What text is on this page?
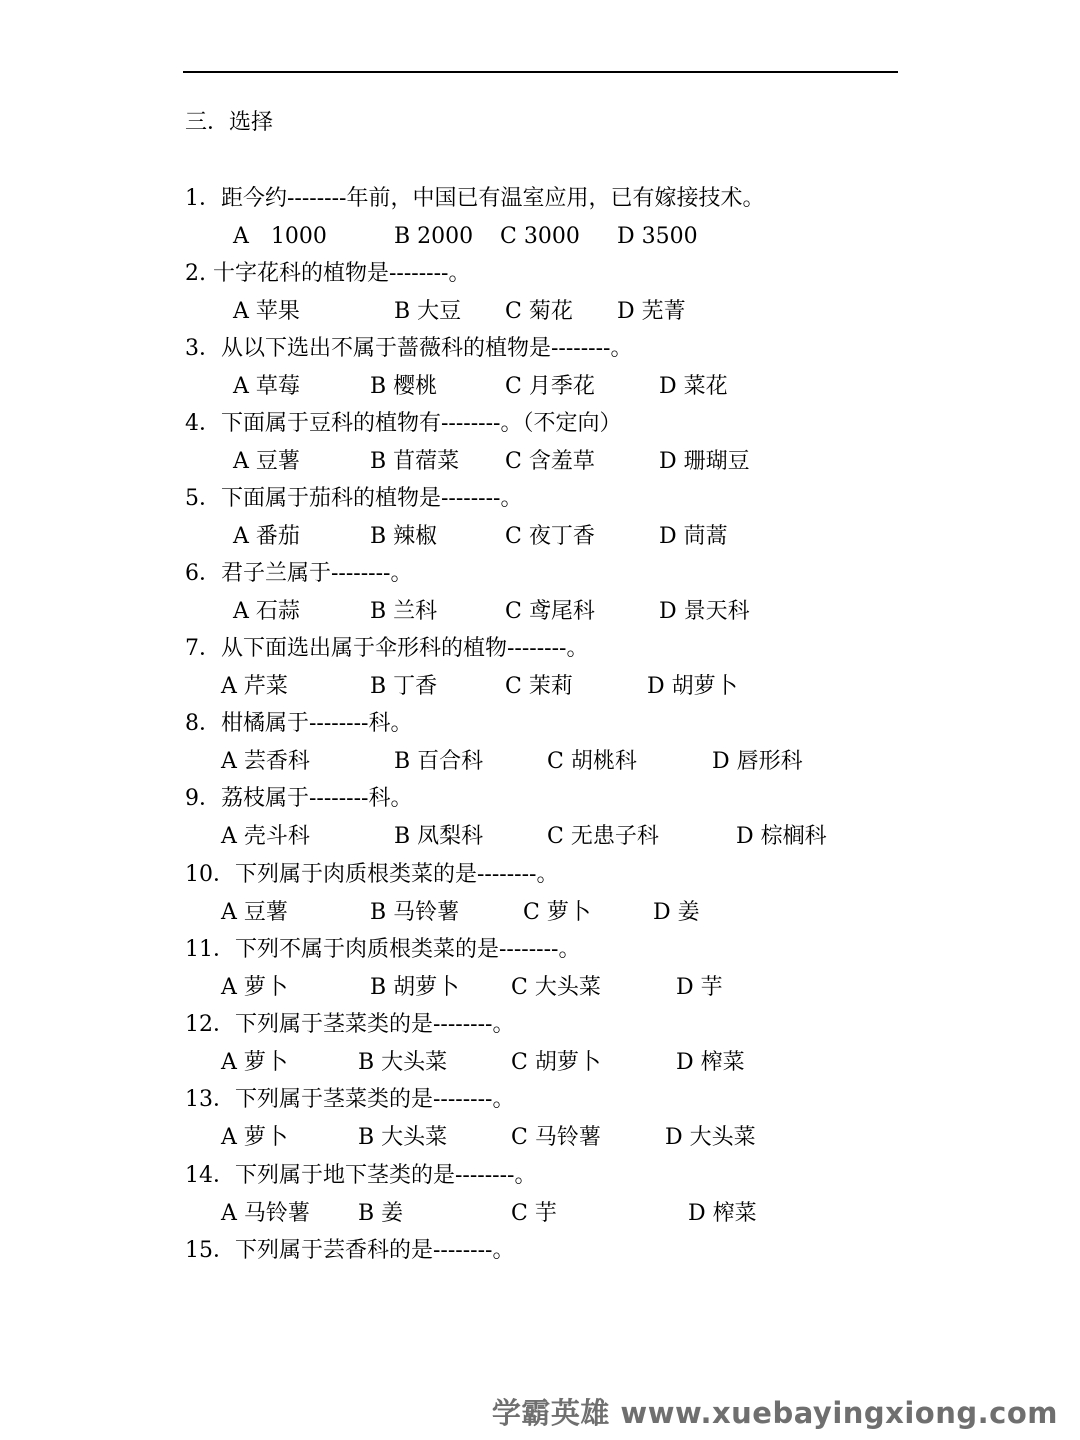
三．选择
1．距今约--------年前，中国已有温室应用，已有嫁接技术。
2. 十字花科的植物是--------。
3．从以下选出不属于蔷薇科的植物是--------。
4．下面属于豆科的植物有--------。（不定向）
5．下面属于茄科的植物是--------。
6．君子兰属于--------。
7．从下面选出属于伞形科的植物--------。
8．柑橘属于--------科。
9．荔枝属于--------科。
10．下列属于肉质根类菜的是--------。
11．下列不属于肉质根类菜的是--------。
12．下列属于茎菜类的是--------。
13．下列属于茎菜类的是--------。
14．下列属于地下茎类的是--------。
15．下列属于芸香科的是--------。
A　1000	B 2000 C 3000 D 3500
A 苹果	B 大豆 C 菊花 D 芜菁
A 草莓	B 樱桃	C 月季花	D 菜花
A 豆薯	B 苜蓿菜 C 含羞草	D 珊瑚豆
A 番茄	B 辣椒	C 夜丁香	D 茼蒿
A 石蒜	B 兰科	C 鸢尾科	D 景天科
A 芹菜	B 丁香	C 茉莉	D 胡萝卜
A 芸香科	B 百合科	C 胡桃科	D 唇形科
A 壳斗科	B 凤梨科	C 无患子科	D 棕榈科
A 豆薯	B 马铃薯	C 萝卜	D 姜
A 萝卜	B 胡萝卜 C 大头菜	D 芋
A 萝卜	B 大头菜	C 胡萝卜	D 榨菜
A 萝卜	B 大头菜	C 马铃薯	D 大头菜
A 马铃薯 B 姜	C 芋	D 榨菜
学霸英雄 www.xuebayingxiong.com
